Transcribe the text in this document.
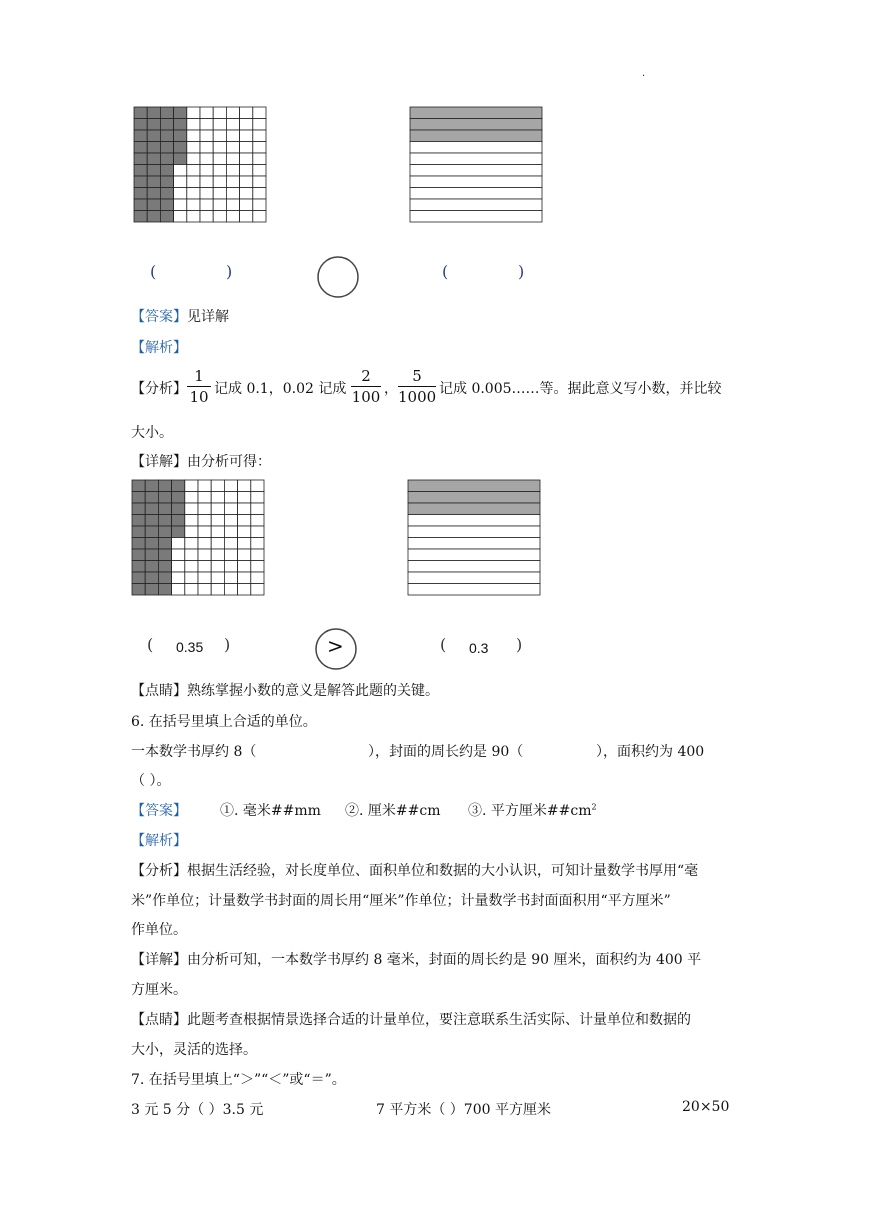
.
(	)	(	)
【答案】见详解
【解析】
【分析】
1
10 记成 0.1，0.02 记成
2
100 ，
5
1000 记成 0.005……等。据此意义写小数，并比较
大小。
【详解】由分析可得：
( 0.35 )	>	( 0.3 )
【点睛】熟练掌握小数的意义是解答此题的关键。
6. 在括号里填上合适的单位。
一本数学书厚约 8（	），封面的周长约是 90（	），面积约为 400
（ ）。
【答案】 ①. 毫米##mm ②. 厘米##cm ③. 平方厘米$\#\#cm^2$
【解析】
【分析】根据生活经验，对长度单位、面积单位和数据的大小认识，可知计量数学书厚用“毫
米”作单位；计量数学书封面的周长用“厘米”作单位；计量数学书封面面积用“平方厘米”
作单位。
【详解】由分析可知，一本数学书厚约 8 毫米，封面的周长约是 90 厘米，面积约为 400 平
方厘米。
【点睛】此题考查根据情景选择合适的计量单位，要注意联系生活实际、计量单位和数据的
大小，灵活的选择。
7. 在括号里填上“＞”“＜”或“＝”。
3 元 5 分（ ）3.5 元	7 平方米（ ）700 平方厘米	20×50
